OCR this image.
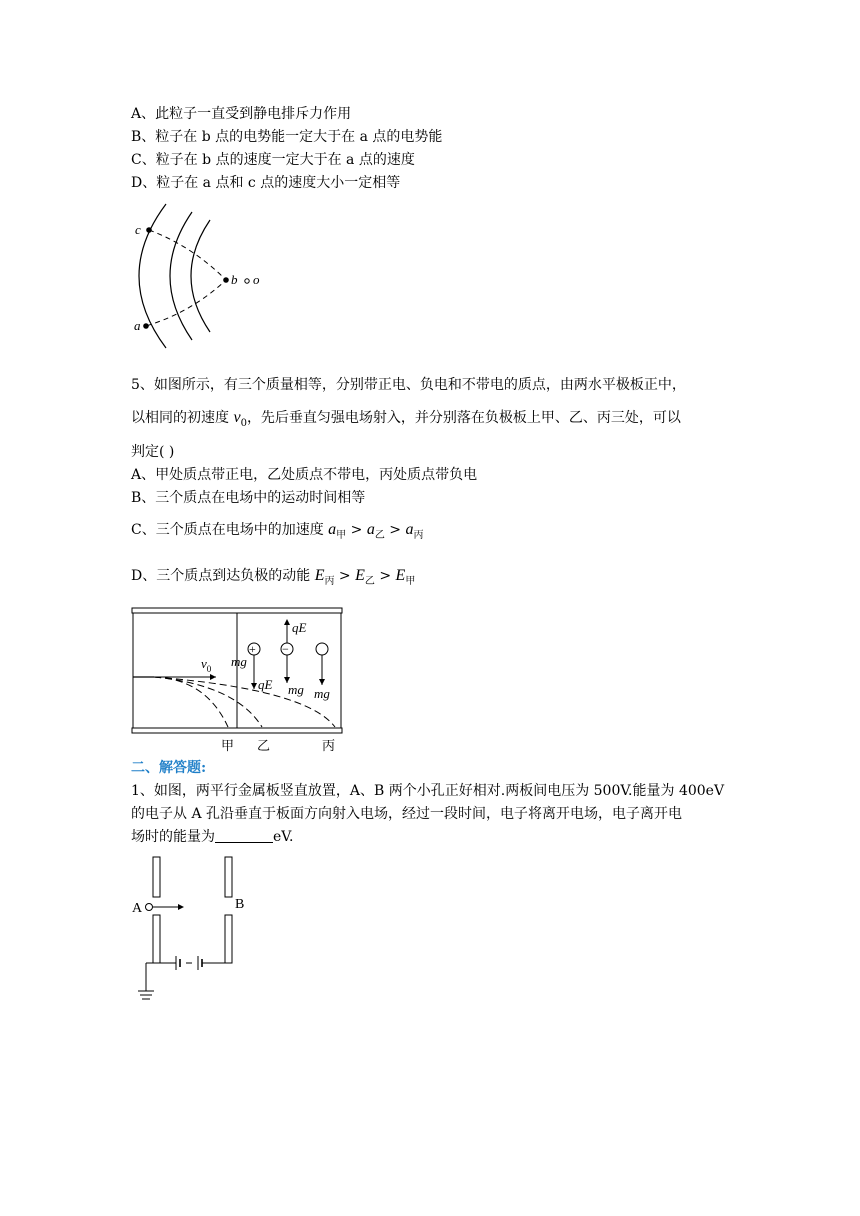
A、此粒子一直受到静电排斥力作用
B、粒子在 b 点的电势能一定大于在 a 点的电势能
C、粒子在 b 点的速度一定大于在 a 点的速度
D、粒子在 a 点和 c 点的速度大小一定相等
c
b o
a
5、如图所示，有三个质量相等，分别带正电、负电和不带电的质点，由两水平极板正中，
以相同的初速度 $v_0$，先后垂直匀强电场射入，并分别落在负极板上甲、乙、丙三处，可以
判定( )
A、甲处质点带正电，乙处质点不带电，丙处质点带负电
B、三个质点在电场中的运动时间相等
C、三个质点在电场中的加速度 $a_甲 > a_乙 > a_丙$
D、三个质点到达负极的动能 $E_丙 > E_乙 > E_甲$
$v_0$ mg
+
qE
−
qE
mg mg
甲 乙	丙
二、解答题:
1、如图，两平行金属板竖直放置，A、B 两个小孔正好相对.两板间电压为 500V.能量为 400eV
的电子从 A 孔沿垂直于板面方向射入电场，经过一段时间，电子将离开电场，电子离开电
场时的能量为	eV.
A	B
